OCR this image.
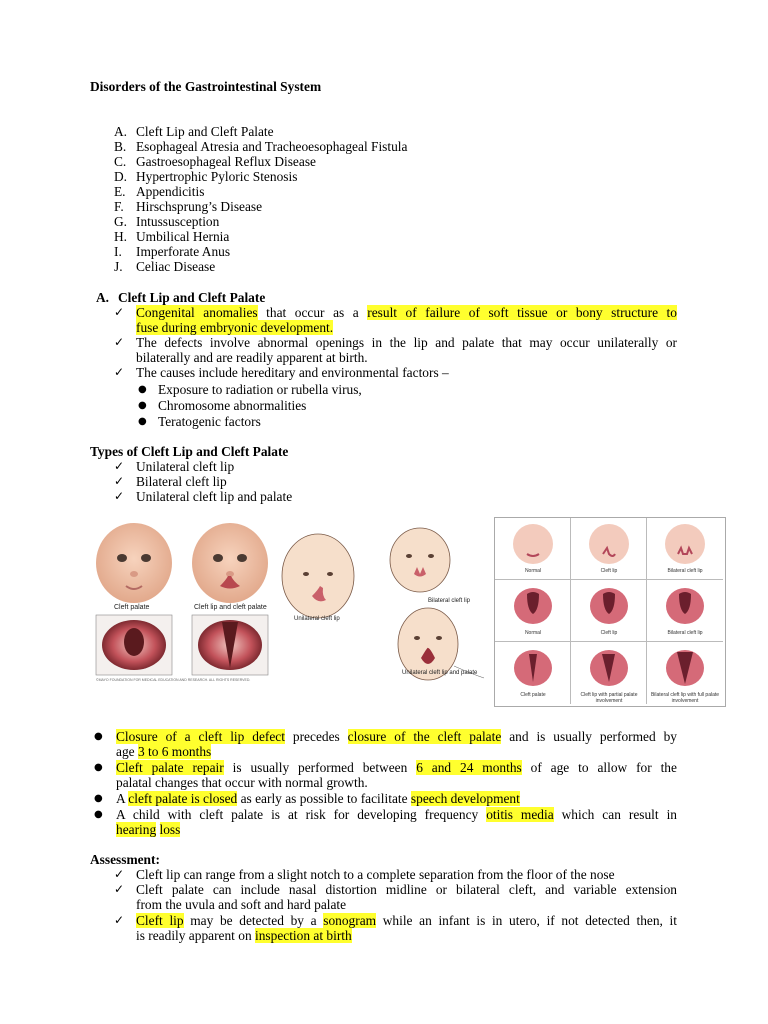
Disorders of the Gastrointestinal System
A. Cleft Lip and Cleft Palate
B. Esophageal Atresia and Tracheoesophageal Fistula
C. Gastroesophageal Reflux Disease
D. Hypertrophic Pyloric Stenosis
E. Appendicitis
F. Hirschsprung’s Disease
G. Intussusception
H. Umbilical Hernia
I. Imperforate Anus
J. Celiac Disease
A. Cleft Lip and Cleft Palate
✓ Congenital anomalies that occur as a result of failure of soft tissue or bony structure to
fuse during embryonic development.
✓ The defects involve abnormal openings in the lip and palate that may occur unilaterally or
bilaterally and are readily apparent at birth.
✓ The causes include hereditary and environmental factors –
● Exposure to radiation or rubella virus,
● Chromosome abnormalities
● Teratogenic factors
Types of Cleft Lip and Cleft Palate
✓ Unilateral cleft lip
✓ Bilateral cleft lip
✓ Unilateral cleft lip and palate
Cleft palate	Cleft lip and cleft palate
©MAYO FOUNDATION FOR MEDICAL EDUCATION AND RESEARCH. ALL RIGHTS RESERVED.
Bilateral cleft lip
Unilateral cleft lip
Unilateral cleft lip and palate
Normal	Cleft lip	Bilateral cleft lip
Normal	Cleft lip	Bilateral cleft lip
Cleft palate	Cleft lip with partial palate involvement
Bilateral cleft lip with full palate involvement
● Closure of a cleft lip defect precedes closure of the cleft palate and is usually performed by
age 3 to 6 months
● Cleft palate repair is usually performed between 6 and 24 months of age to allow for the
palatal changes that occur with normal growth.
● A cleft palate is closed as early as possible to facilitate speech development
● A child with cleft palate is at risk for developing frequency otitis media which can result in
hearing loss
Assessment:
✓ Cleft lip can range from a slight notch to a complete separation from the floor of the nose
✓ Cleft palate can include nasal distortion midline or bilateral cleft, and variable extension
from the uvula and soft and hard palate
✓ Cleft lip may be detected by a sonogram while an infant is in utero, if not detected then, it
is readily apparent on inspection at birth
